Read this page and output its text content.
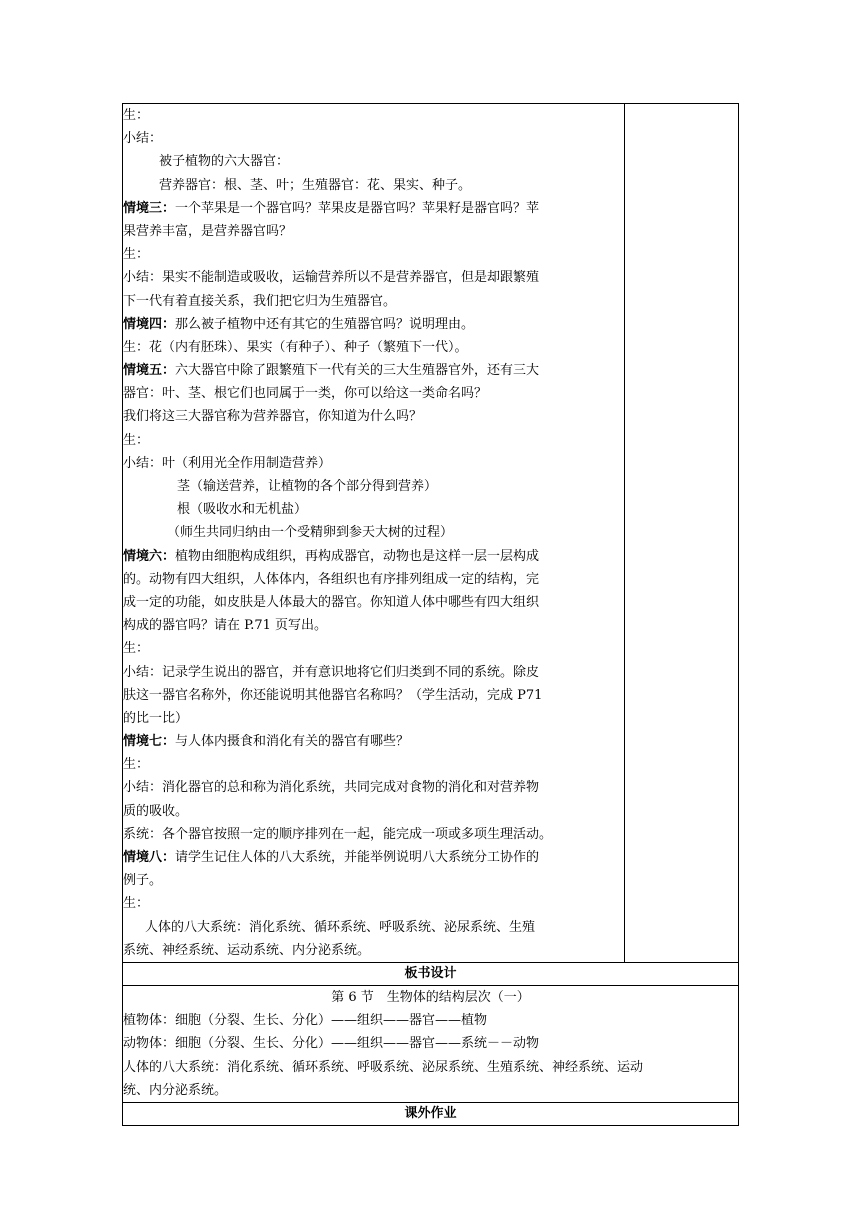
生：
小结：
被子植物的六大器官：
营养器官：根、茎、叶；生殖器官：花、果实、种子。
情境三：一个苹果是一个器官吗？苹果皮是器官吗？苹果籽是器官吗？苹
果营养丰富，是营养器官吗？
生：
小结：果实不能制造或吸收，运输营养所以不是营养器官，但是却跟繁殖
下一代有着直接关系，我们把它归为生殖器官。
情境四：那么被子植物中还有其它的生殖器官吗？说明理由。
生：花（内有胚珠）、果实（有种子）、种子（繁殖下一代）。
情境五：六大器官中除了跟繁殖下一代有关的三大生殖器官外，还有三大
器官：叶、茎、根它们也同属于一类，你可以给这一类命名吗？
我们将这三大器官称为营养器官，你知道为什么吗？
生：
小结：叶（利用光全作用制造营养）
茎（输送营养，让植物的各个部分得到营养）
根（吸收水和无机盐）
（师生共同归纳由一个受精卵到参天大树的过程）
情境六：植物由细胞构成组织，再构成器官，动物也是这样一层一层构成
的。动物有四大组织，人体体内，各组织也有序排列组成一定的结构，完
成一定的功能，如皮肤是人体最大的器官。你知道人体中哪些有四大组织
构成的器官吗？请在 P.71 页写出。
生：
小结：记录学生说出的器官，并有意识地将它们归类到不同的系统。除皮
肤这一器官名称外，你还能说明其他器官名称吗？（学生活动，完成 P71
的比一比）
情境七：与人体内摄食和消化有关的器官有哪些？
生：
小结：消化器官的总和称为消化系统，共同完成对食物的消化和对营养物
质的吸收。
系统：各个器官按照一定的顺序排列在一起，能完成一项或多项生理活动。
情境八：请学生记住人体的八大系统，并能举例说明八大系统分工协作的
例子。
生：
人体的八大系统：消化系统、循环系统、呼吸系统、泌尿系统、生殖
系统、神经系统、运动系统、内分泌系统。

板书设计

第 6 节　生物体的结构层次（一）
植物体：细胞（分裂、生长、分化）——组织——器官——植物
动物体：细胞（分裂、生长、分化）——组织——器官——系统－－动物
人体的八大系统：消化系统、循环系统、呼吸系统、泌尿系统、生殖系统、神经系统、运动
统、内分泌系统。

课外作业
